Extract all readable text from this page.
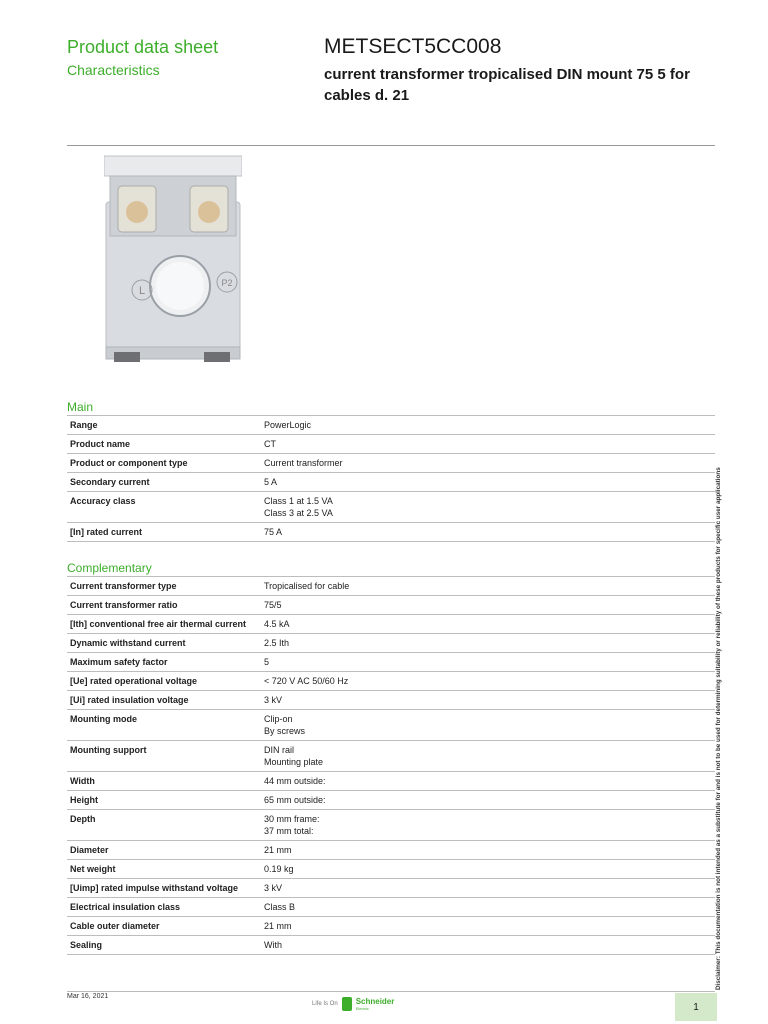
Product data sheet
Characteristics
METSECT5CC008
current transformer tropicalised DIN mount 75 5 for cables d. 21
L
P2
Main
Range	PowerLogic
Product name	CT
Product or component type	Current transformer
Secondary current	5 A
Accuracy class	Class 1 at 1.5 VA
Class 3 at 2.5 VA
[In] rated current	75 A
Complementary
Current transformer type	Tropicalised for cable
Current transformer ratio	75/5
[Ith] conventional free air thermal current	4.5 kA
Dynamic withstand current	2.5 Ith
Maximum safety factor	5
[Ue] rated operational voltage	< 720 V AC 50/60 Hz
[Ui] rated insulation voltage	3 kV
Mounting mode	Clip-on
By screws
Mounting support	DIN rail
Mounting plate
Width	44 mm outside:
Height	65 mm outside:
Depth	30 mm frame:
37 mm total:
Diameter	21 mm
Net weight	0.19 kg
[Uimp] rated impulse withstand voltage	3 kV
Electrical insulation class	Class B
Cable outer diameter	21 mm
Sealing	With	Disclaimer: This documentation is not intended as a substitute for and is not to be used for determining suitability or reliability of these products for specific user applications
Mar 16, 2021
Life Is On Schneider
Electric	1
